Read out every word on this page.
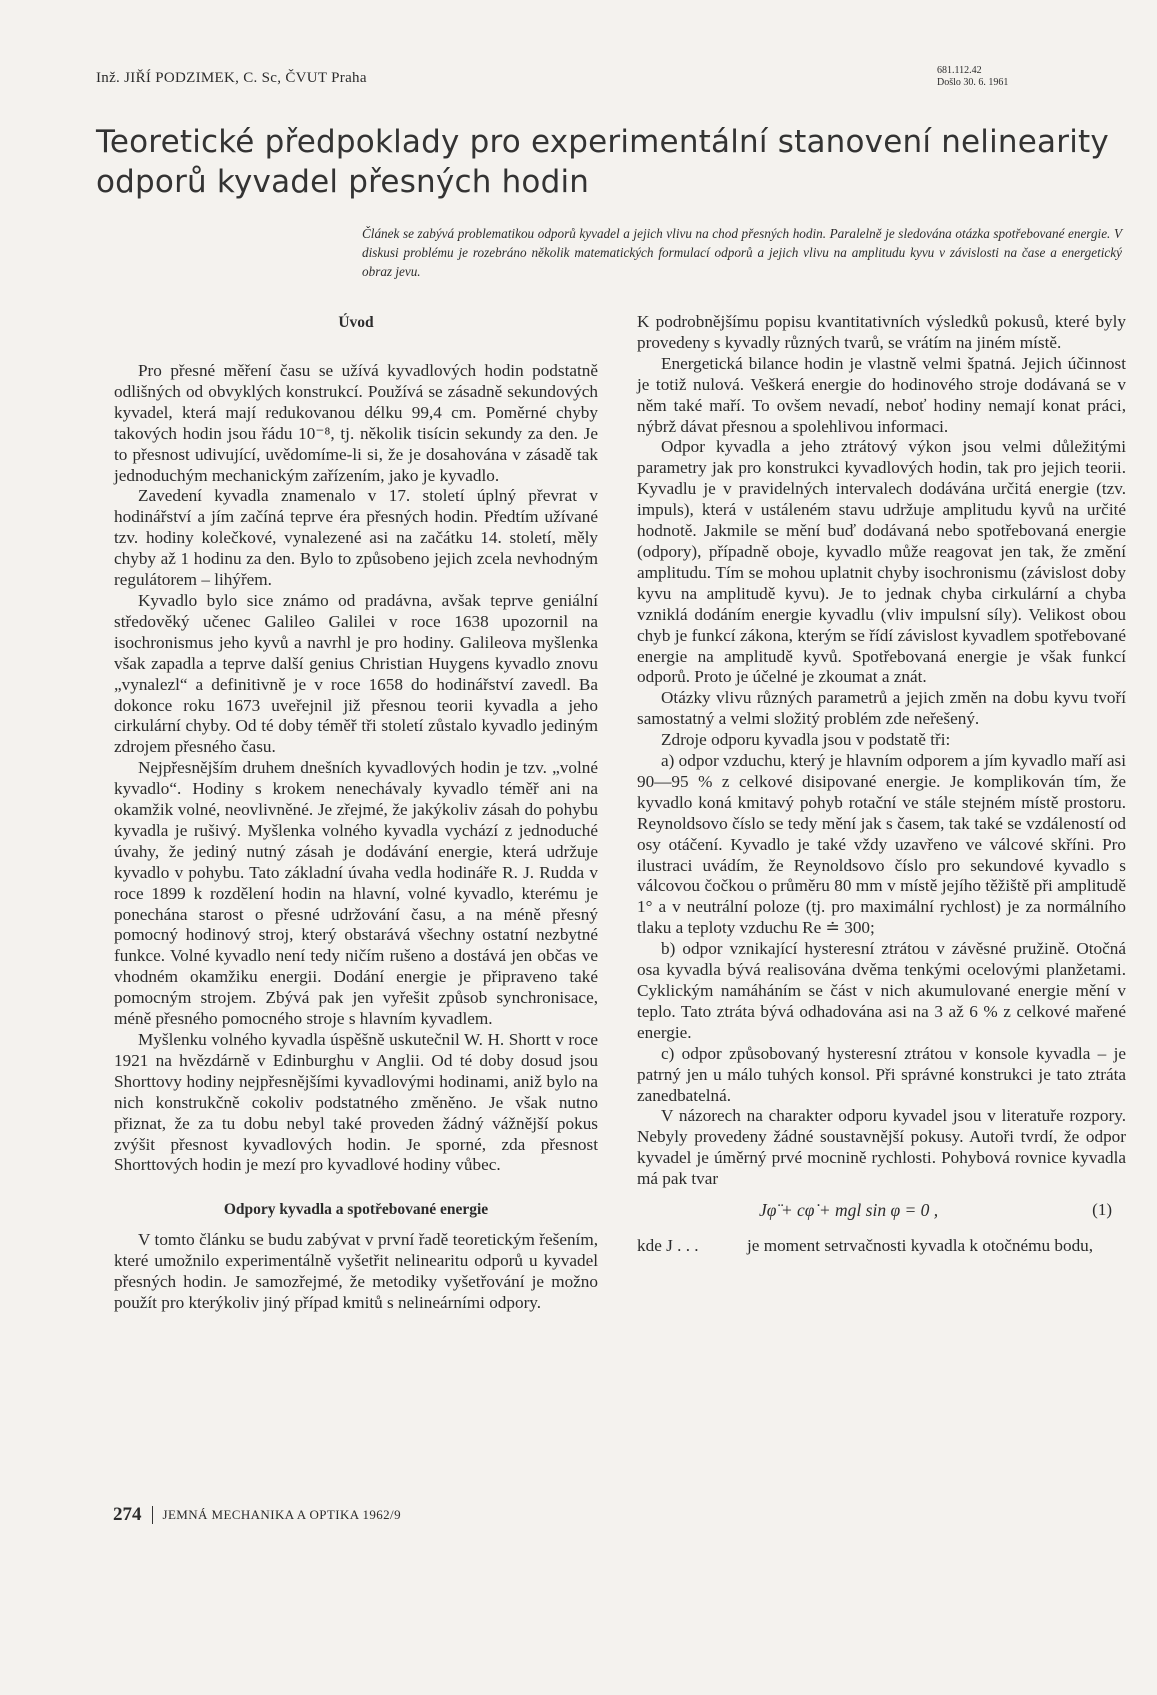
Inž. JIŘÍ PODZIMEK, C. Sc, ČVUT Praha	681.112.42
Došlo 30. 6. 1961
Teoretické předpoklady pro experimentální stanovení nelinearity
odporů kyvadel přesných hodin
Článek se zabývá problematikou odporů kyvadel a jejich vlivu na chod přesných hodin. Paralelně je sledována otázka spotřebované energie. V diskusi problému je rozebráno několik matematických formulací odporů a jejich vlivu na amplitudu kyvu v závislosti na čase a energetický obraz jevu.
Úvod

Pro přesné měření času se užívá kyvadlových hodin podstatně odlišných od obvyklých konstrukcí. Používá se zásadně sekundových kyvadel, která mají redukovanou délku 99,4 cm. Poměrné chyby takových hodin jsou řádu 10⁻⁸, tj. několik tisícin sekundy za den. Je to přesnost udivující, uvědomíme-li si, že je dosahována v zásadě tak jednoduchým mechanickým zařízením, jako je kyvadlo.

Zavedení kyvadla znamenalo v 17. století úplný převrat v hodinářství a jím začíná teprve éra přesných hodin. Předtím užívané tzv. hodiny kolečkové, vynalezené asi na začátku 14. století, měly chyby až 1 hodinu za den. Bylo to způsobeno jejich zcela nevhodným regulátorem – lihýřem.

Kyvadlo bylo sice známo od pradávna, avšak teprve geniální středověký učenec Galileo Galilei v roce 1638 upozornil na isochronismus jeho kyvů a navrhl je pro hodiny. Galileova myšlenka však zapadla a teprve další genius Christian Huygens kyvadlo znovu „vynalezl“ a definitivně je v roce 1658 do hodinářství zavedl. Ba dokonce roku 1673 uveřejnil již přesnou teorii kyvadla a jeho cirkulární chyby. Od té doby téměř tři století zůstalo kyvadlo jediným zdrojem přesného času.

Nejpřesnějším druhem dnešních kyvadlových hodin je tzv. „volné kyvadlo“. Hodiny s krokem nenechávaly kyvadlo téměř ani na okamžik volné, neovlivněné. Je zřejmé, že jakýkoliv zásah do pohybu kyvadla je rušivý. Myšlenka volného kyvadla vychází z jednoduché úvahy, že jediný nutný zásah je dodávání energie, která udržuje kyvadlo v pohybu. Tato základní úvaha vedla hodináře R. J. Rudda v roce 1899 k rozdělení hodin na hlavní, volné kyvadlo, kterému je ponechána starost o přesné udržování času, a na méně přesný pomocný hodinový stroj, který obstarává všechny ostatní nezbytné funkce. Volné kyvadlo není tedy ničím rušeno a dostává jen občas ve vhodném okamžiku energii. Dodání energie je připraveno také pomocným strojem. Zbývá pak jen vyřešit způsob synchronisace, méně přesného pomocného stroje s hlavním kyvadlem.

Myšlenku volného kyvadla úspěšně uskutečnil W. H. Shortt v roce 1921 na hvězdárně v Edinburghu v Anglii. Od té doby dosud jsou Shorttovy hodiny nejpřesnějšími kyvadlovými hodinami, aniž bylo na nich konstrukčně cokoliv podstatného změněno. Je však nutno přiznat, že za tu dobu nebyl také proveden žádný vážnější pokus zvýšit přesnost kyvadlových hodin. Je sporné, zda přesnost Shorttových hodin je mezí pro kyvadlové hodiny vůbec.

Odpory kyvadla a spotřebované energie

V tomto článku se budu zabývat v první řadě teoretickým řešením, které umožnilo experimentálně vyšetřit nelinearitu odporů u kyvadel přesných hodin. Je samozřejmé, že metodiky vyšetřování je možno použít pro kterýkoliv jiný případ kmitů s nelineárními odpory.

K podrobnějšímu popisu kvantitativních výsledků pokusů, které byly provedeny s kyvadly různých tvarů, se vrátím na jiném místě.

Energetická bilance hodin je vlastně velmi špatná. Jejich účinnost je totiž nulová. Veškerá energie do hodinového stroje dodávaná se v něm také maří. To ovšem nevadí, neboť hodiny nemají konat práci, nýbrž dávat přesnou a spolehlivou informaci.

Odpor kyvadla a jeho ztrátový výkon jsou velmi důležitými parametry jak pro konstrukci kyvadlových hodin, tak pro jejich teorii. Kyvadlu je v pravidelných intervalech dodávána určitá energie (tzv. impuls), která v ustáleném stavu udržuje amplitudu kyvů na určité hodnotě. Jakmile se mění buď dodávaná nebo spotřebovaná energie (odpory), případně oboje, kyvadlo může reagovat jen tak, že změní amplitudu. Tím se mohou uplatnit chyby isochronismu (závislost doby kyvu na amplitudě kyvu). Je to jednak chyba cirkulární a chyba vzniklá dodáním energie kyvadlu (vliv impulsní síly). Velikost obou chyb je funkcí zákona, kterým se řídí závislost kyvadlem spotřebované energie na amplitudě kyvů. Spotřebovaná energie je však funkcí odporů. Proto je účelné je zkoumat a znát.

Otázky vlivu různých parametrů a jejich změn na dobu kyvu tvoří samostatný a velmi složitý problém zde neřešený.

Zdroje odporu kyvadla jsou v podstatě tři:

a) odpor vzduchu, který je hlavním odporem a jím kyvadlo maří asi 90—95 % z celkové disipované energie. Je komplikován tím, že kyvadlo koná kmitavý pohyb rotační ve stále stejném místě prostoru. Reynoldsovo číslo se tedy mění jak s časem, tak také se vzdáleností od osy otáčení. Kyvadlo je také vždy uzavřeno ve válcové skříni. Pro ilustraci uvádím, že Reynoldsovo číslo pro sekundové kyvadlo s válcovou čočkou o průměru 80 mm v místě jejího těžiště při amplitudě 1° a v neutrální poloze (tj. pro maximální rychlost) je za normálního tlaku a teploty vzduchu Re ≐ 300;

b) odpor vznikající hysteresní ztrátou v závěsné pružině. Otočná osa kyvadla bývá realisována dvěma tenkými ocelovými planžetami. Cyklickým namáháním se část v nich akumulované energie mění v teplo. Tato ztráta bývá odhadována asi na 3 až 6 % z celkové mařené energie.

c) odpor způsobovaný hysteresní ztrátou v konsole kyvadla – je patrný jen u málo tuhých konsol. Při správné konstrukci je tato ztráta zanedbatelná.

V názorech na charakter odporu kyvadel jsou v literatuře rozpory. Nebyly provedeny žádné soustavnější pokusy. Autoři tvrdí, že odpor kyvadel je úměrný prvé mocnině rychlosti. Pohybová rovnice kyvadla má pak tvar

Jφ̈ + cφ̇ + mgl sin φ = 0 ,	(1)
kde J . . .	je moment setrvačnosti kyvadla k otočnému bodu,
274 JEMNÁ MECHANIKA A OPTIKA 1962/9
